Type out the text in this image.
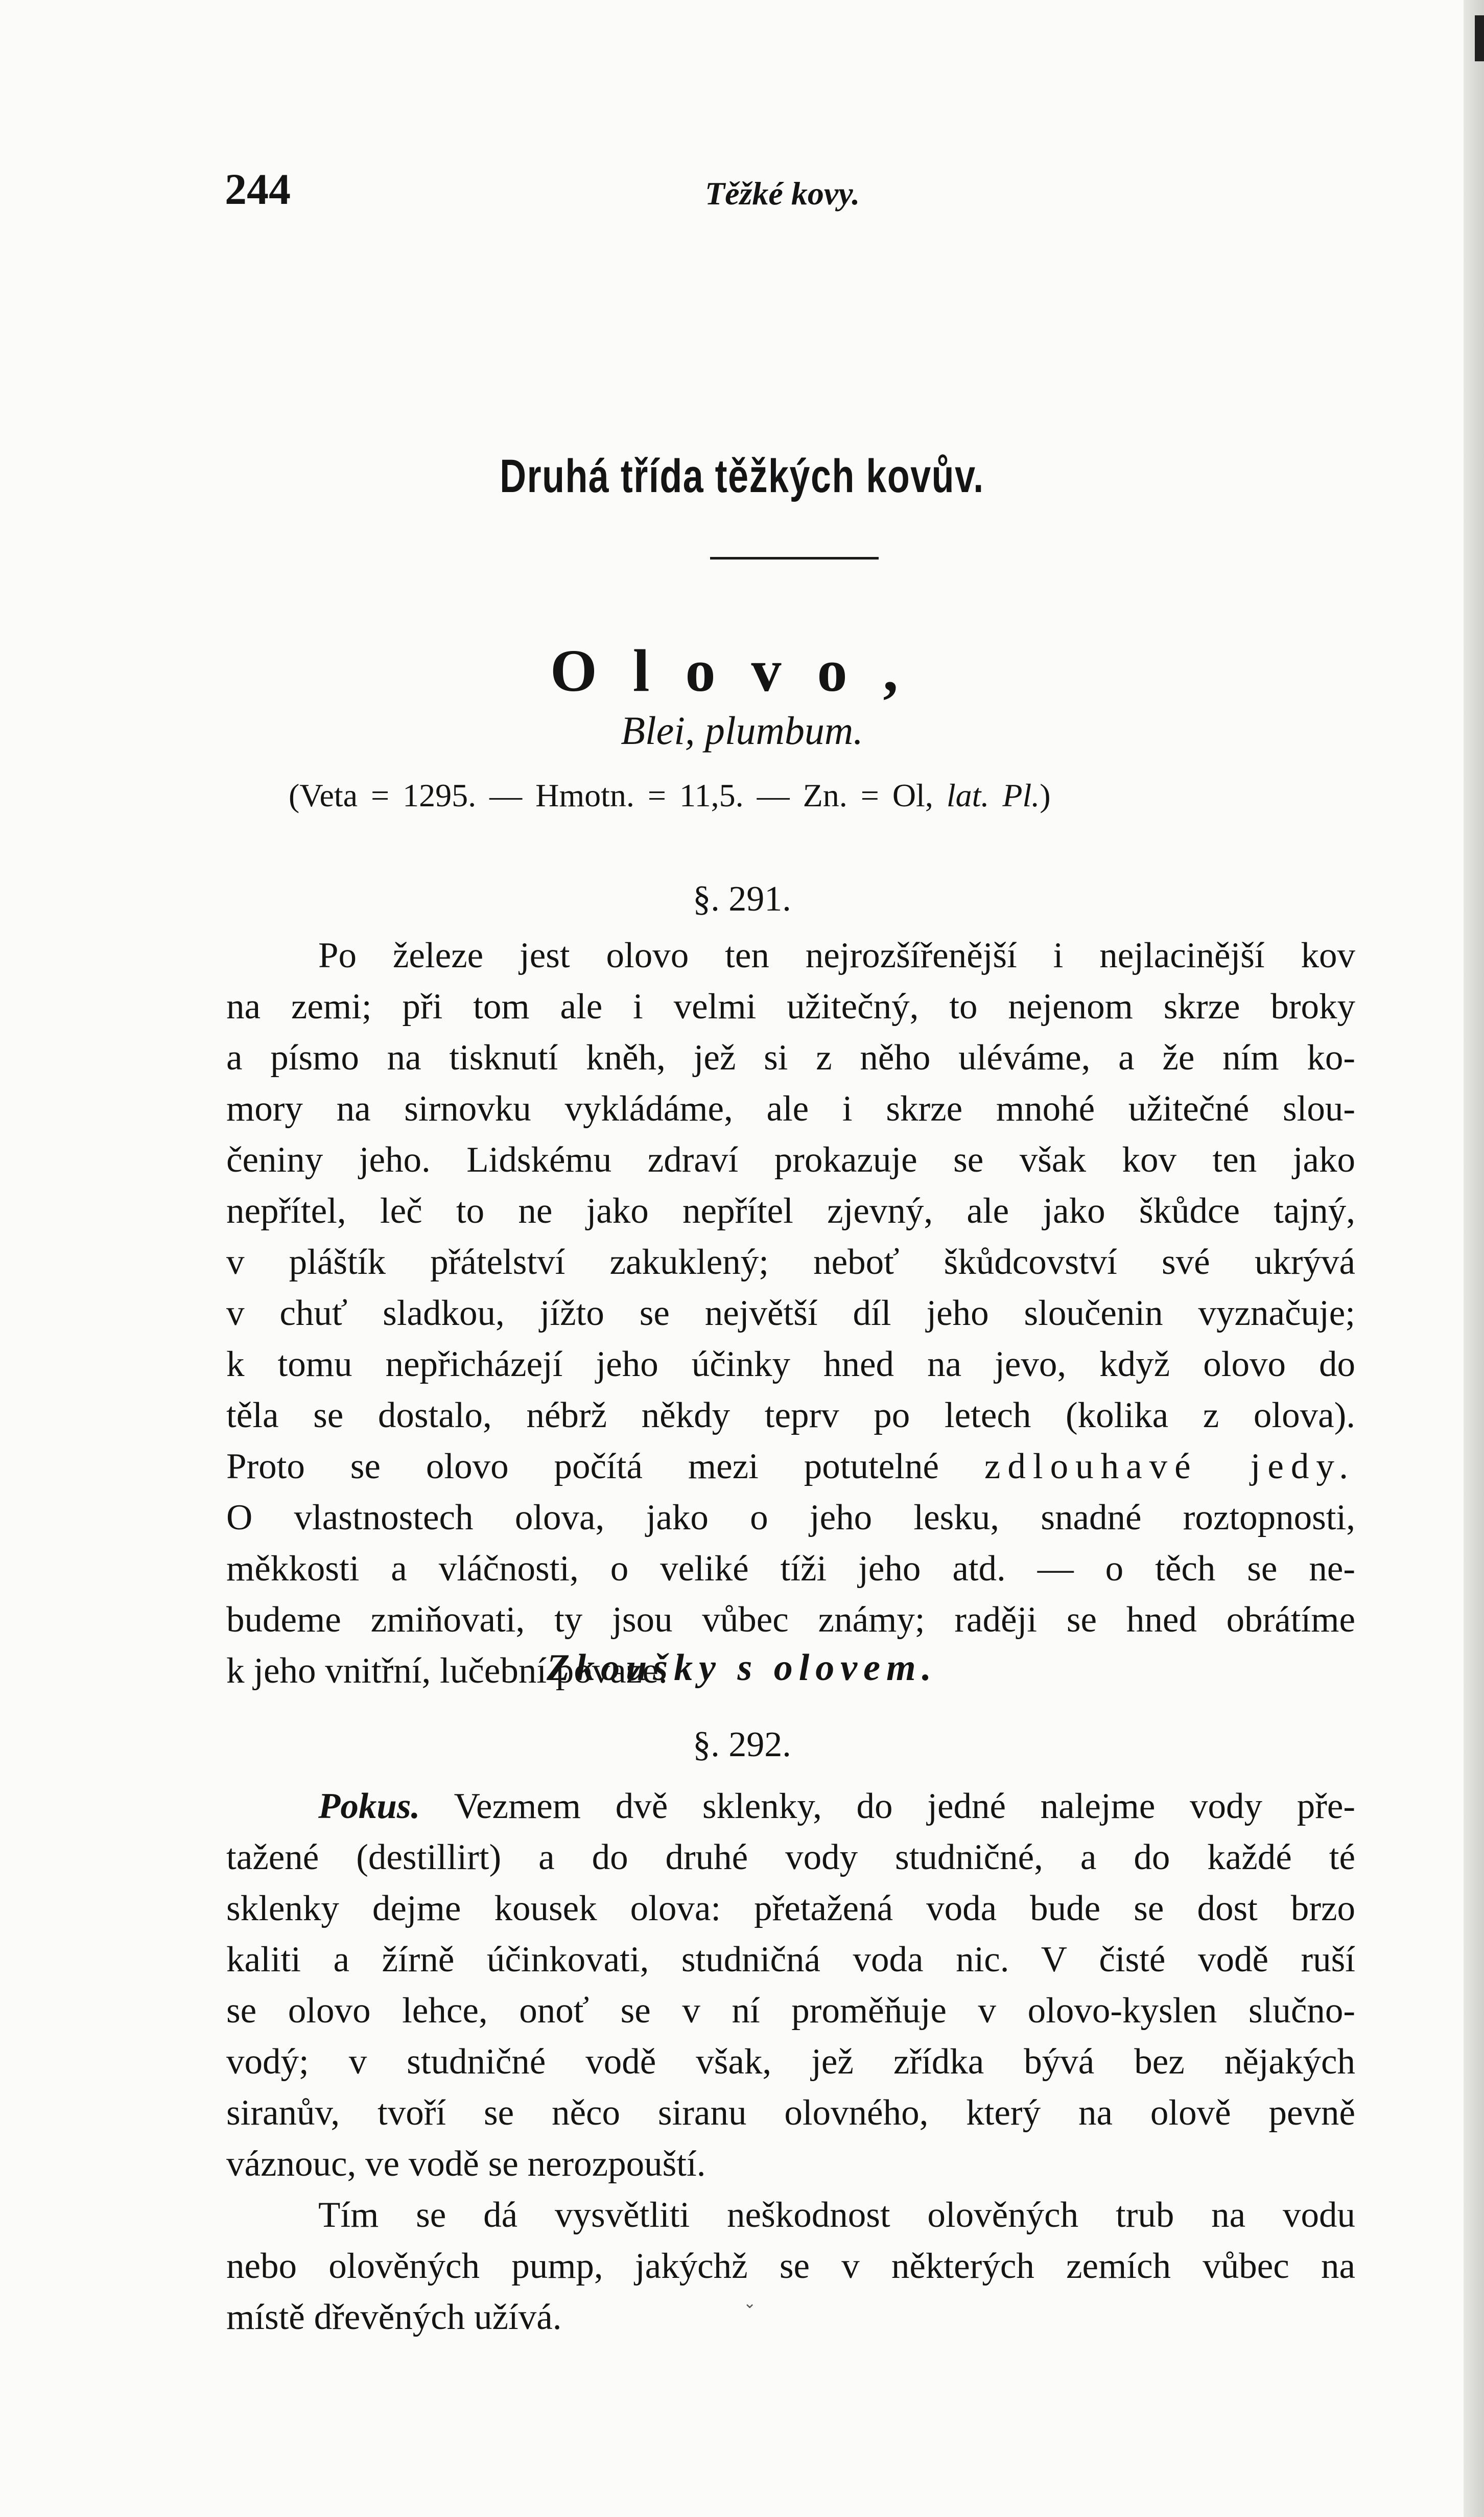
244	Těžké kovy.
Druhá třída těžkých kovův.
Olovo,
Blei, plumbum.
(Veta = 1295. — Hmotn. = 11,5. — Zn. = Ol, lat. Pl.)
§. 291.
Po železe jest olovo ten nejrozšířenější i nejlacinější kov
na zemi; při tom ale i velmi užitečný, to nejenom skrze broky
a písmo na tisknutí kněh, jež si z něho uléváme, a že ním ko-
mory na sirnovku vykládáme, ale i skrze mnohé užitečné slou-
čeniny jeho. Lidskému zdraví prokazuje se však kov ten jako
nepřítel, leč to ne jako nepřítel zjevný, ale jako škůdce tajný,
v pláštík přátelství zakuklený; neboť škůdcovství své ukrývá
v chuť sladkou, jížto se největší díl jeho sloučenin vyznačuje;
k tomu nepřicházejí jeho účinky hned na jevo, když olovo do
těla se dostalo, nébrž někdy teprv po letech (kolika z olova).
Proto se olovo počítá mezi potutelné zdlouhavé jedy.
O vlastnostech olova, jako o jeho lesku, snadné roztopnosti,
měkkosti a vláčnosti, o veliké tíži jeho atd. — o těch se ne-
budeme zmiňovati, ty jsou vůbec známy; raději se hned obrátíme
k jeho vnitřní, lučební povaze.
Zkoušky s olovem.
§. 292.
Pokus. Vezmem dvě sklenky, do jedné nalejme vody pře-
tažené (destillirt) a do druhé vody studničné, a do každé té
sklenky dejme kousek olova: přetažená voda bude se dost brzo
kaliti a žírně účinkovati, studničná voda nic. V čisté vodě ruší
se olovo lehce, onoť se v ní proměňuje v olovo-kyslen slučno-
vodý; v studničné vodě však, jež zřídka bývá bez nějakých
siranův, tvoří se něco siranu olovného, který na olově pevně
váznouc, ve vodě se nerozpouští.
Tím se dá vysvětliti neškodnost olověných trub na vodu
nebo olověných pump, jakýchž se v některých zemích vůbec na
místě dřevěných užívá.	⌄
